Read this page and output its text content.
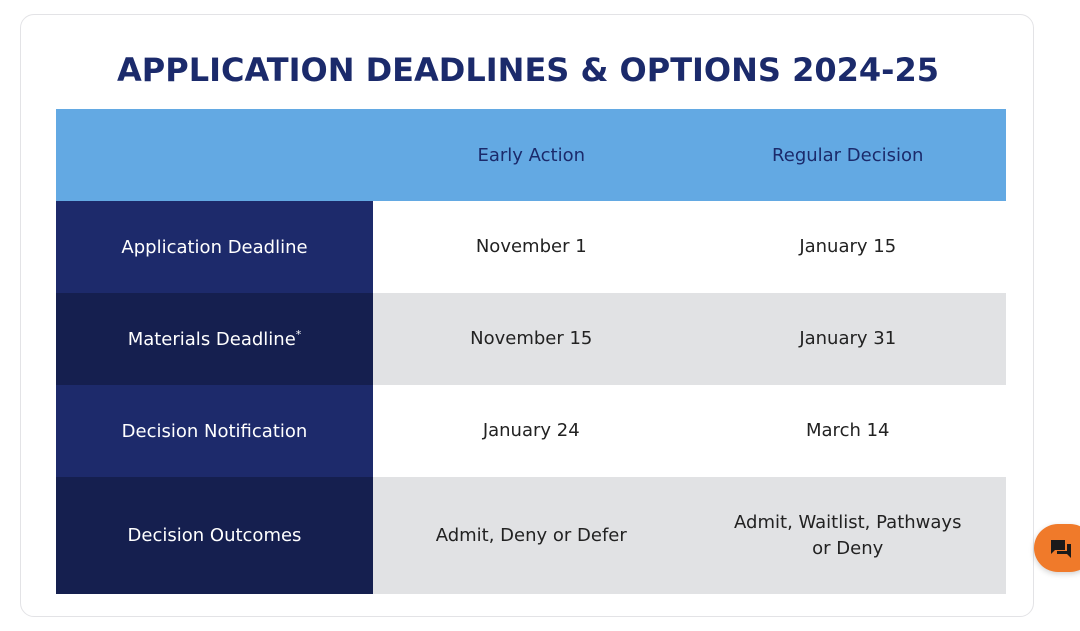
APPLICATION DEADLINES & OPTIONS 2024-25
	Early Action	Regular Decision
Application Deadline	November 1	January 15
Materials Deadline*	November 15	January 31
Decision Notification	January 24	March 14
Decision Outcomes	Admit, Deny or Defer	Admit, Waitlist, Pathways or Deny
